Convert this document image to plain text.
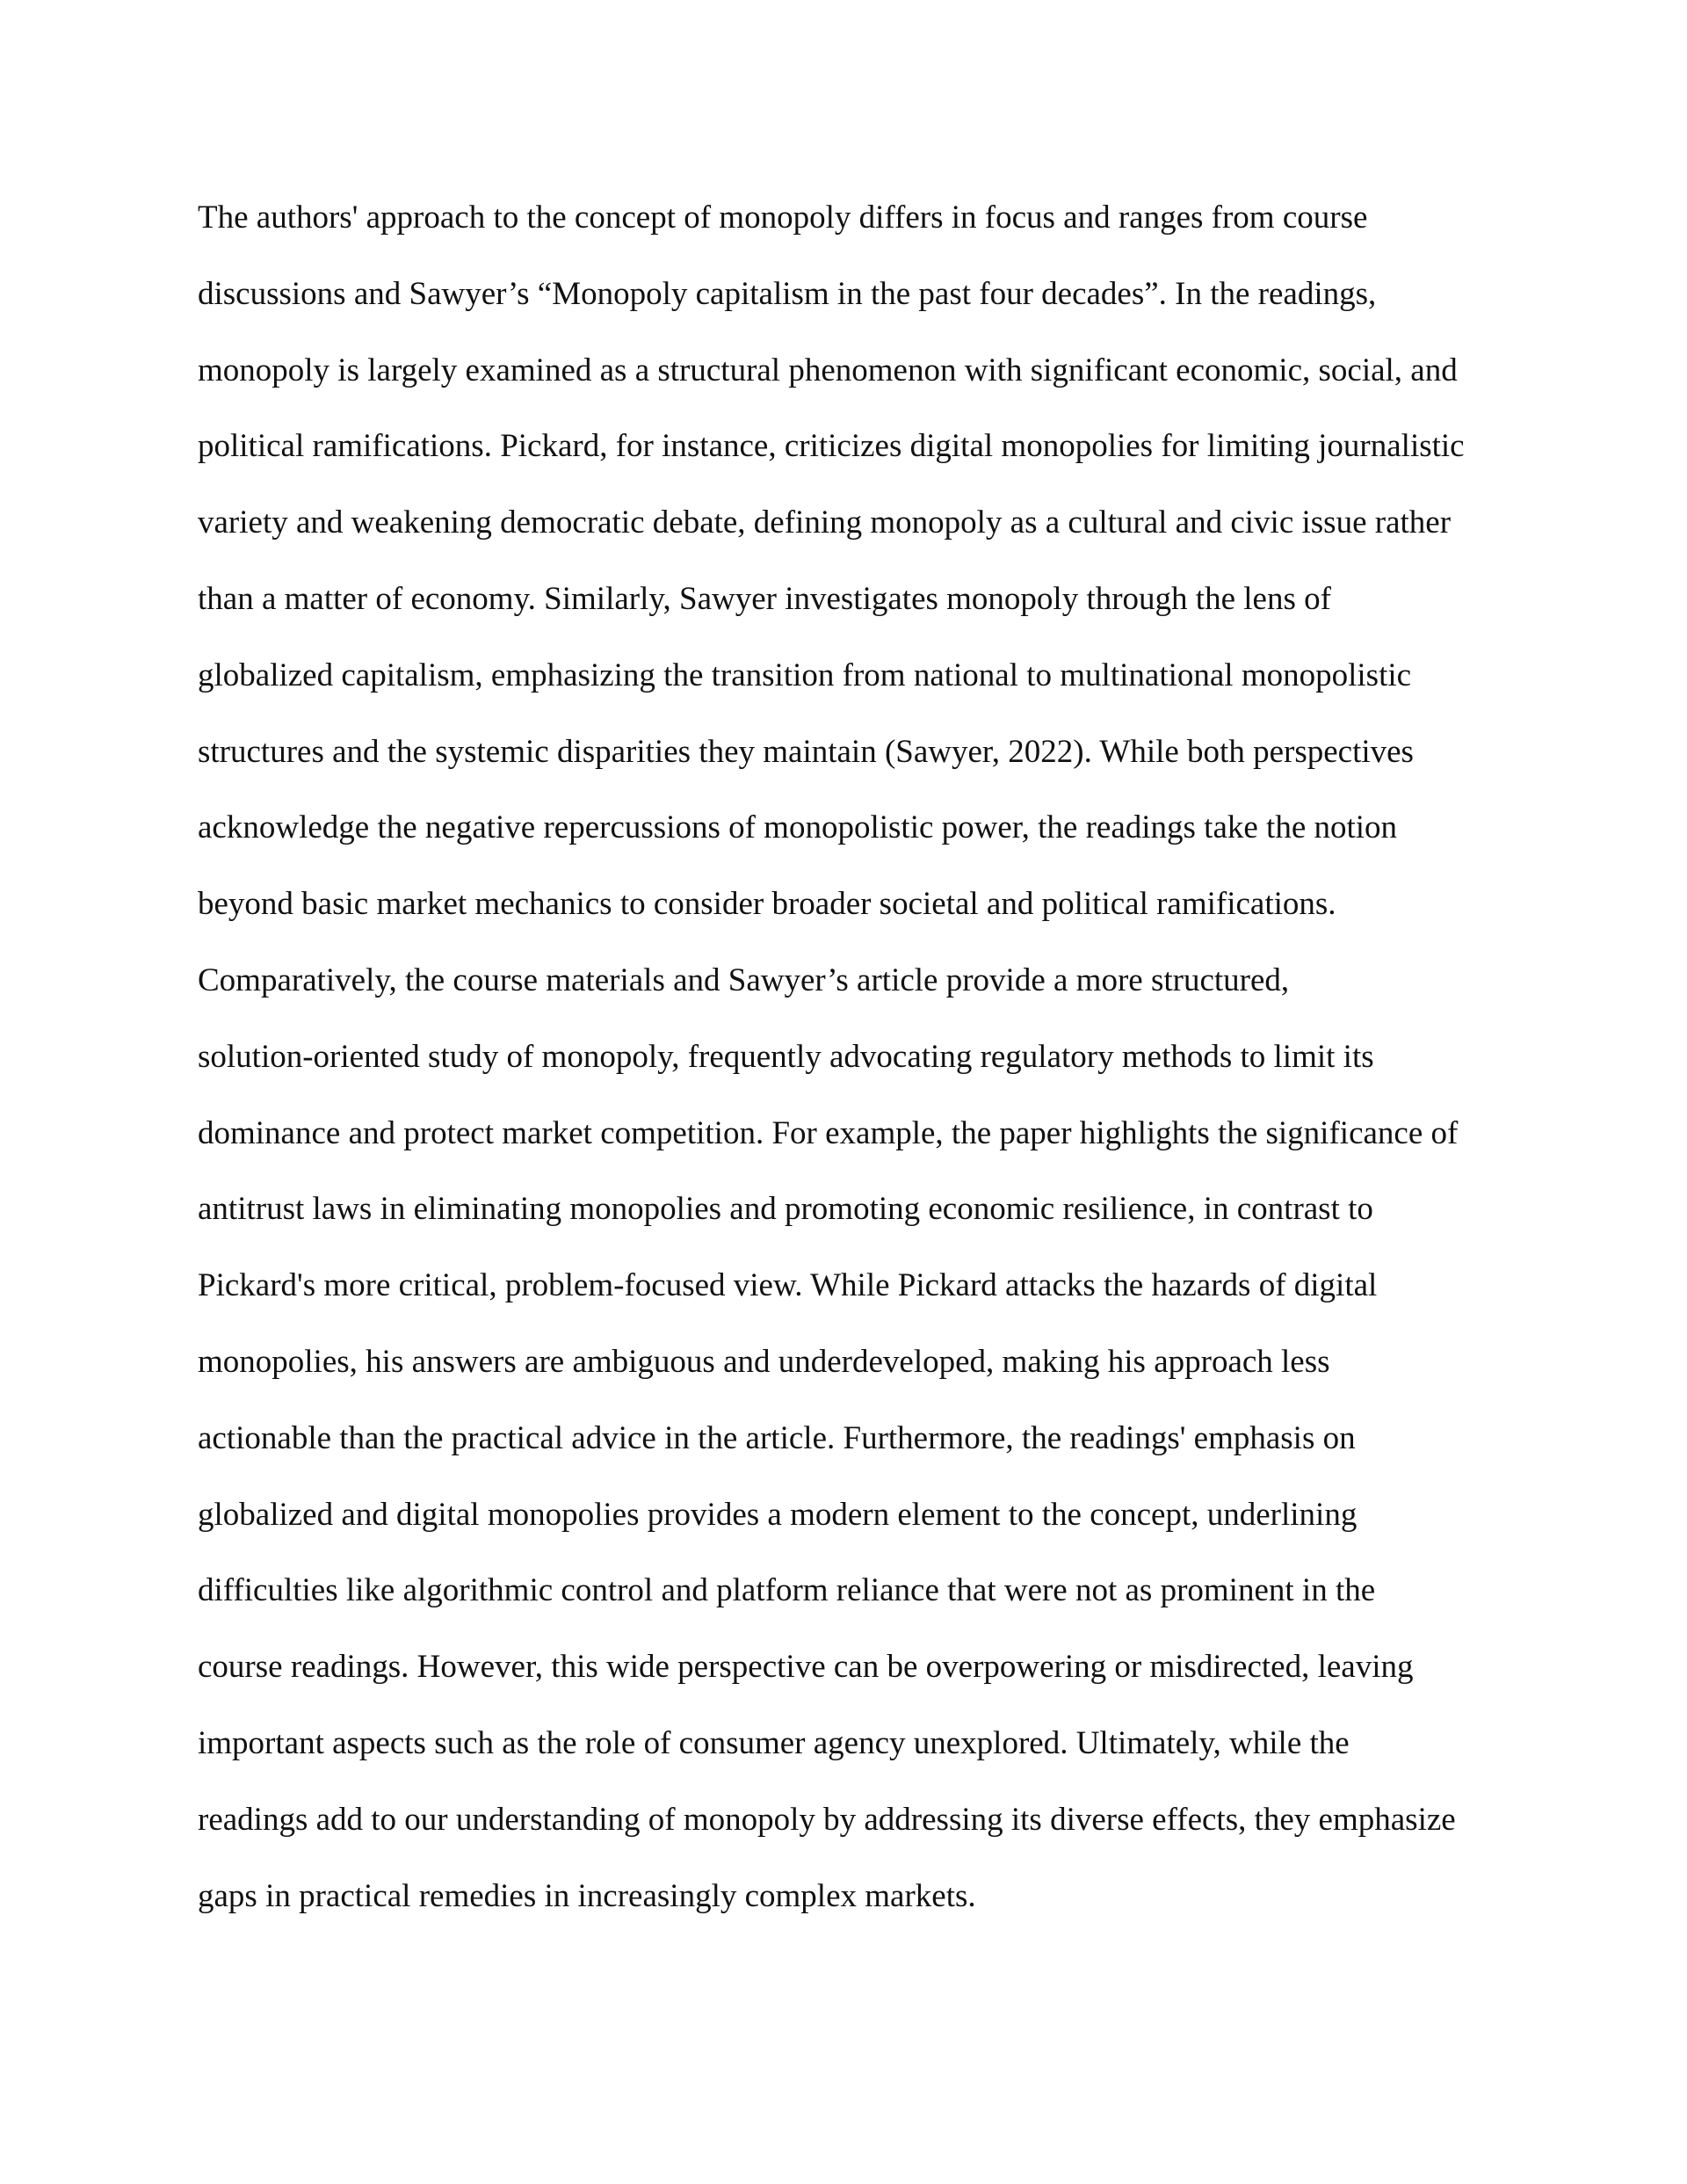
The authors' approach to the concept of monopoly differs in focus and ranges from course
discussions and Sawyer’s “Monopoly capitalism in the past four decades”. In the readings,
monopoly is largely examined as a structural phenomenon with significant economic, social, and
political ramifications. Pickard, for instance, criticizes digital monopolies for limiting journalistic
variety and weakening democratic debate, defining monopoly as a cultural and civic issue rather
than a matter of economy. Similarly, Sawyer investigates monopoly through the lens of
globalized capitalism, emphasizing the transition from national to multinational monopolistic
structures and the systemic disparities they maintain (Sawyer, 2022). While both perspectives
acknowledge the negative repercussions of monopolistic power, the readings take the notion
beyond basic market mechanics to consider broader societal and political ramifications.
Comparatively, the course materials and Sawyer’s article provide a more structured,
solution-oriented study of monopoly, frequently advocating regulatory methods to limit its
dominance and protect market competition. For example, the paper highlights the significance of
antitrust laws in eliminating monopolies and promoting economic resilience, in contrast to
Pickard's more critical, problem-focused view. While Pickard attacks the hazards of digital
monopolies, his answers are ambiguous and underdeveloped, making his approach less
actionable than the practical advice in the article. Furthermore, the readings' emphasis on
globalized and digital monopolies provides a modern element to the concept, underlining
difficulties like algorithmic control and platform reliance that were not as prominent in the
course readings. However, this wide perspective can be overpowering or misdirected, leaving
important aspects such as the role of consumer agency unexplored. Ultimately, while the
readings add to our understanding of monopoly by addressing its diverse effects, they emphasize
gaps in practical remedies in increasingly complex markets.
